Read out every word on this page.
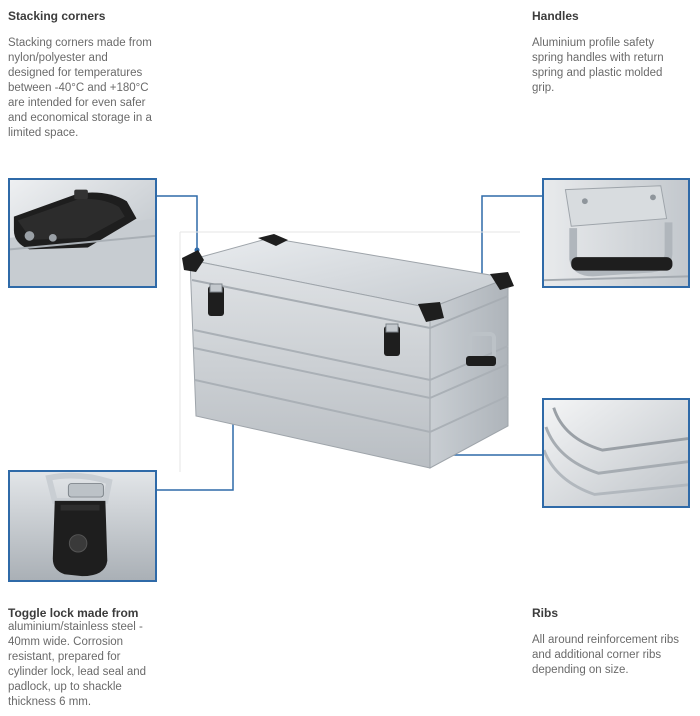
Stacking corners
Stacking corners made from
nylon/polyester and
designed for temperatures
between -40°C and +180°C
are intended for even safer
and economical storage in a
limited space.
Handles
Aluminium profile safety
spring handles with return
spring and plastic molded
grip.
Toggle lock made from
aluminium/stainless steel -
40mm wide. Corrosion
resistant, prepared for
cylinder lock, lead seal and
padlock, up to shackle
thickness 6 mm.
Ribs
All around reinforcement ribs
and additional corner ribs
depending on size.
